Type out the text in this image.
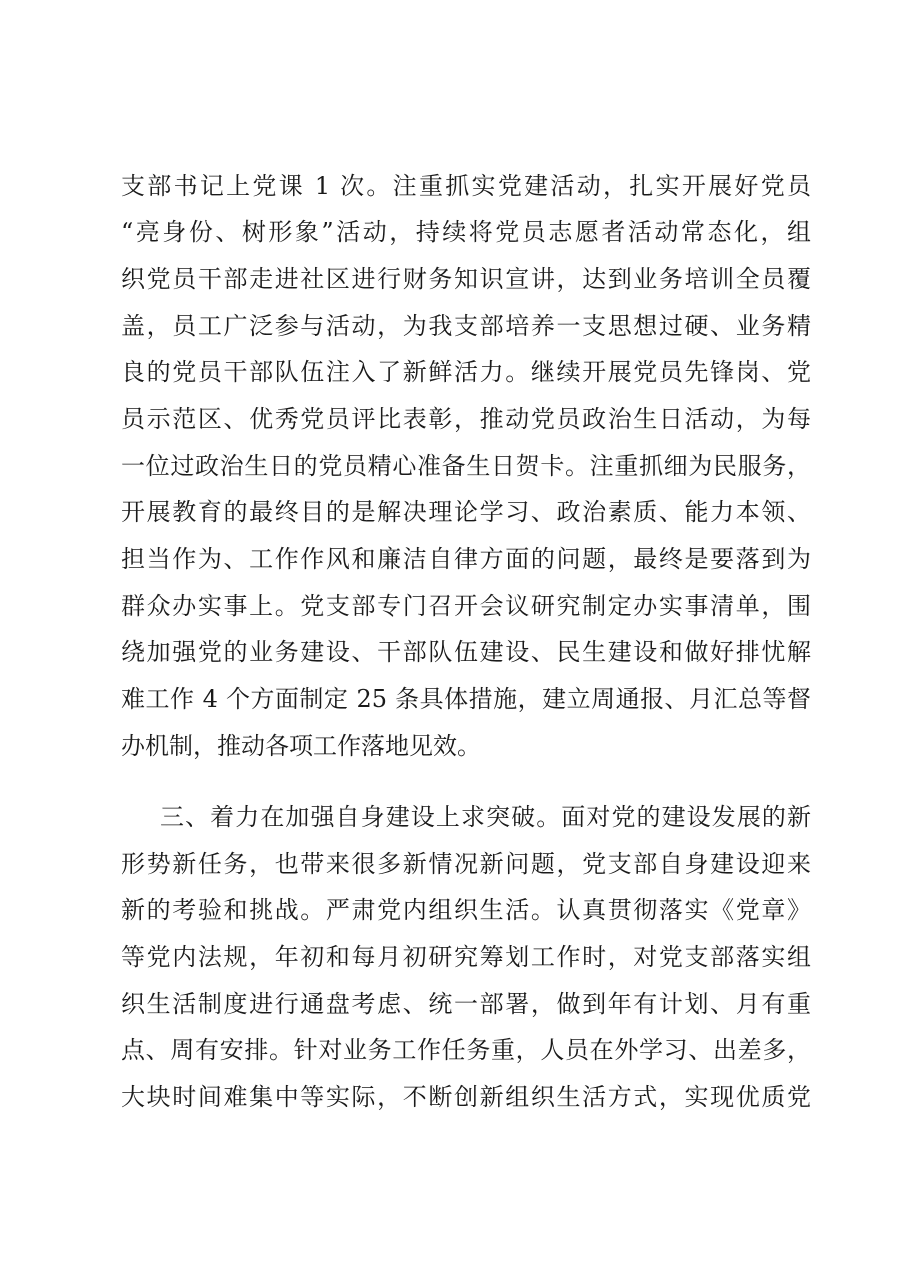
支部书记上党课 1 次。注重抓实党建活动，扎实开展好党员
“亮身份、树形象”活动，持续将党员志愿者活动常态化，组
织党员干部走进社区进行财务知识宣讲，达到业务培训全员覆
盖，员工广泛参与活动，为我支部培养一支思想过硬、业务精
良的党员干部队伍注入了新鲜活力。继续开展党员先锋岗、党
员示范区、优秀党员评比表彰，推动党员政治生日活动，为每
一位过政治生日的党员精心准备生日贺卡。注重抓细为民服务，
开展教育的最终目的是解决理论学习、政治素质、能力本领、
担当作为、工作作风和廉洁自律方面的问题，最终是要落到为
群众办实事上。党支部专门召开会议研究制定办实事清单，围
绕加强党的业务建设、干部队伍建设、民生建设和做好排忧解
难工作 4 个方面制定 25 条具体措施，建立周通报、月汇总等督
办机制，推动各项工作落地见效。
三、着力在加强自身建设上求突破。面对党的建设发展的新
形势新任务，也带来很多新情况新问题，党支部自身建设迎来
新的考验和挑战。严肃党内组织生活。认真贯彻落实《党章》
等党内法规，年初和每月初研究筹划工作时，对党支部落实组
织生活制度进行通盘考虑、统一部署，做到年有计划、月有重
点、周有安排。针对业务工作任务重，人员在外学习、出差多，
大块时间难集中等实际，不断创新组织生活方式，实现优质党
